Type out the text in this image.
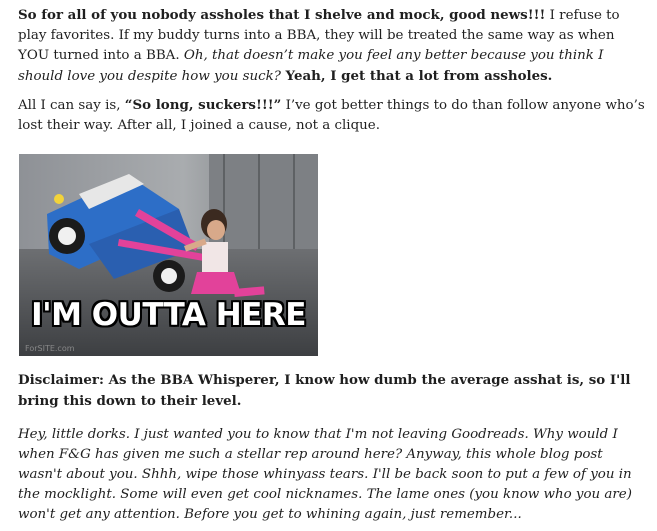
So for all of you nobody assholes that I shelve and mock, good news!!! I refuse to play favorites. If my buddy turns into a BBA, they will be treated the same way as when YOU turned into a BBA. Oh, that doesn’t make you feel any better because you think I should love you despite how you suck? Yeah, I get that a lot from assholes.

All I can say is, “So long, suckers!!!” I’ve got better things to do than follow anyone who’s lost their way. After all, I joined a cause, not a clique.

I'M OUTTA HERE
ForSITE.com

Disclaimer: As the BBA Whisperer, I know how dumb the average asshat is, so I'll bring this down to their level.

Hey, little dorks. I just wanted you to know that I'm not leaving Goodreads. Why would I when F&G has given me such a stellar rep around here? Anyway, this whole blog post wasn't about you. Shhh, wipe those whinyass tears. I'll be back soon to put a few of you in the mocklight. Some will even get cool nicknames. The lame ones (you know who you are) won't get any attention. Before you get to whining again, just remember...
